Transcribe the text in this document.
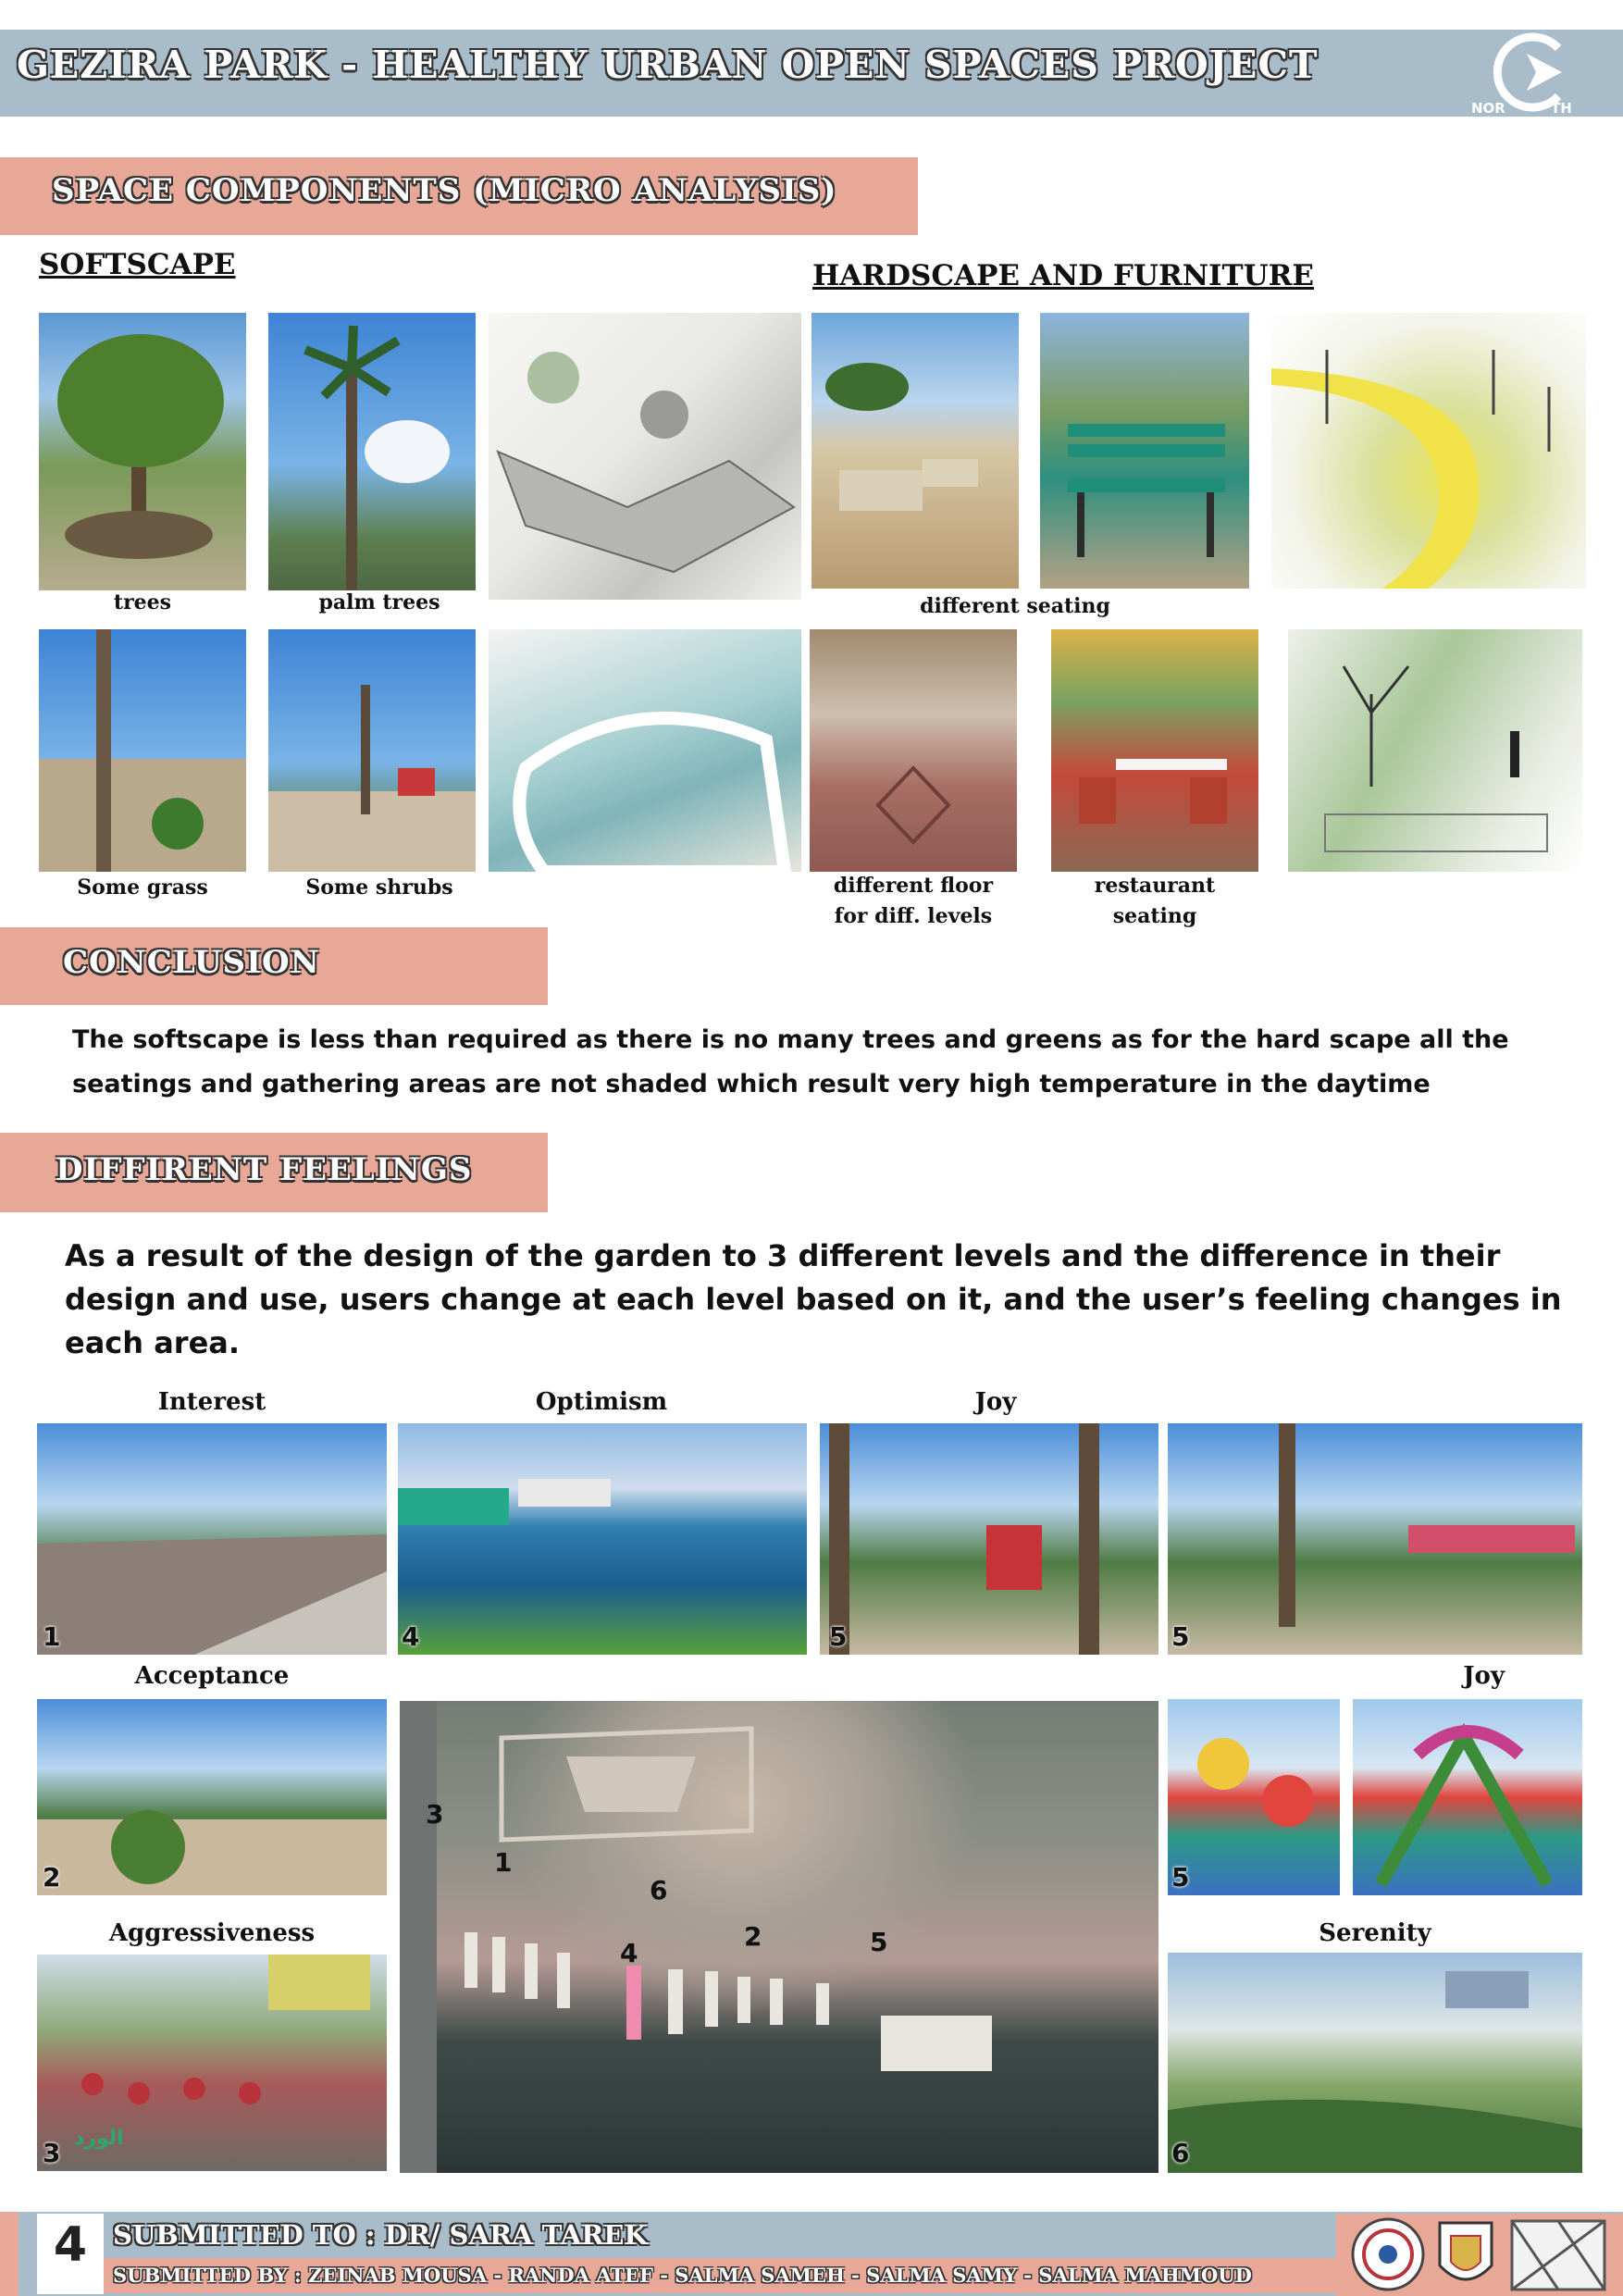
GEZIRA PARK - HEALTHY URBAN OPEN SPACES PROJECT
NOR	TH
SPACE COMPONENTS (MICRO ANALYSIS)
SOFTSCAPE	HARDSCAPE AND FURNITURE
trees	palm trees	different seating
Some grass	Some shrubs	different floor
for diff. levels
restaurant
seating
CONCLUSION
The softscape is less than required as there is no many trees and greens as for the hard scape all the
seatings and gathering areas are not shaded which result very high temperature in the daytime
DIFFIRENT FEELINGS
As a result of the design of the garden to 3 different levels and the difference in their
design and use, users change at each level based on it, and the user’s feeling changes in
each area.
Interest	Optimism	Joy
1	4	5	5
Acceptance	Joy
2
3
1
6
4
2	5
5
Aggressiveness	Serenity
الورد
3	6
4 SUBMITTED TO : DR/ SARA TAREK
SUBMITTED BY : ZEINAB MOUSA - RANDA ATEF - SALMA SAMEH - SALMA SAMY - SALMA MAHMOUD
